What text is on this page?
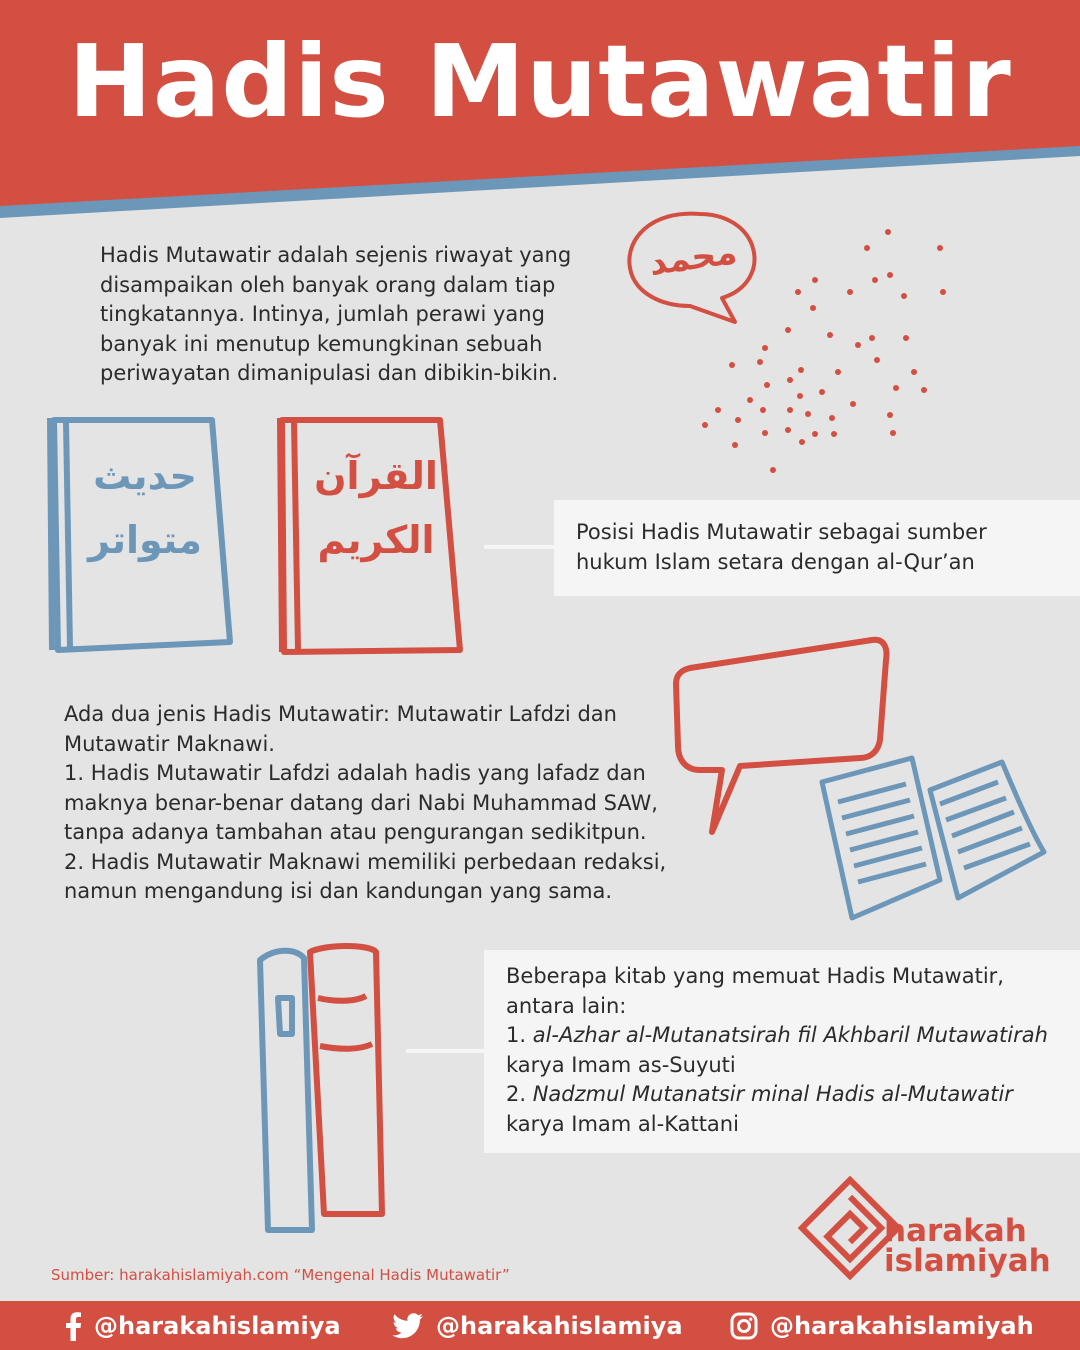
Hadis Mutawatir
Hadis Mutawatir adalah sejenis riwayat yang disampaikan oleh banyak orang dalam tiap tingkatannya. Intinya, jumlah perawi yang banyak ini menutup kemungkinan sebuah periwayatan dimanipulasi dan dibikin-bikin.
محمد
حديث
متواتر
القرآن
الكريم	Posisi Hadis Mutawatir sebagai sumber hukum Islam setara dengan al-Qur’an
Ada dua jenis Hadis Mutawatir: Mutawatir Lafdzi dan Mutawatir Maknawi.
1. Hadis Mutawatir Lafdzi adalah hadis yang lafadz dan maknya benar-benar datang dari Nabi Muhammad SAW, tanpa adanya tambahan atau pengurangan sedikitpun.
2. Hadis Mutawatir Maknawi memiliki perbedaan redaksi, namun mengandung isi dan kandungan yang sama.
Beberapa kitab yang memuat Hadis Mutawatir, antara lain:
1. al-Azhar al-Mutanatsirah fil Akhbaril Mutawatirah karya Imam as-Suyuti
2. Nadzmul Mutanatsir minal Hadis al-Mutawatir karya Imam al-Kattani
Sumber: harakahislamiyah.com “Mengenal Hadis Mutawatir”
harakah
islamiyah
@harakahislamiya	@harakahislamiya	@harakahislamiyah
